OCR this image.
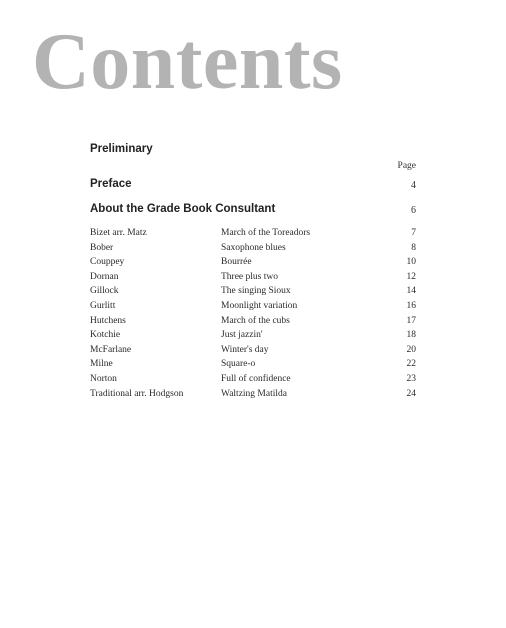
Contents
Preliminary
Page
Preface	4
About the Grade Book Consultant	6
Bizet arr. Matz	March of the Toreadors	7
Bober	Saxophone blues	8
Couppey	Bourrée	10
Dornan	Three plus two	12
Gillock	The singing Sioux	14
Gurlitt	Moonlight variation	16
Hutchens	March of the cubs	17
Kotchie	Just jazzin'	18
McFarlane	Winter's day	20
Milne	Square-o	22
Norton	Full of confidence	23
Traditional arr. Hodgson	Waltzing Matilda	24
